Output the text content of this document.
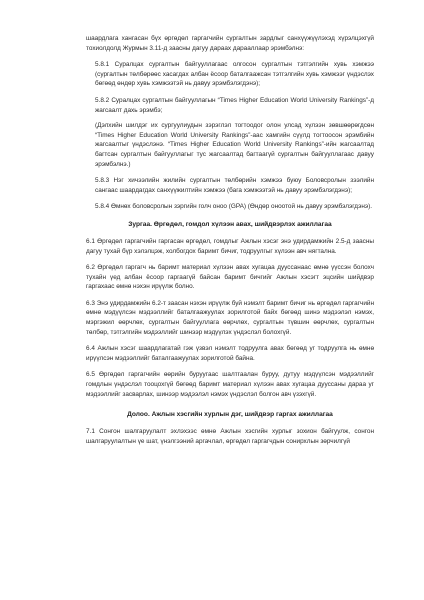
шаардлага хангасан бүх өргөдөл гаргагчийн сургалтын зардлыг санхүүжүүлэхэд хүрэлцэхгүй тохиолдолд Журмын 3.11-д заасны дагуу дараах дарааллаар эрэмбэлнэ:

5.8.1 Суралцах сургалтын байгууллагаас олгосон сургалтын тэтгэлгийн хувь хэмжээ (сургалтын төлбөрөөс хасагдах албан ёсоор баталгаажсан тэтгэлгийн хувь хэмжээг үндэслэх бөгөөд өндөр хувь хэмжээтэй нь давуу эрэмбэлэгдэнэ);

5.8.2 Суралцах сургалтын байгууллагын “Times Higher Education World University Rankings”-д жагсаалт дахь эрэмбэ;

(Дэлхийн шилдэг их сургуулиудын зэрэглэл тогтоодог олон улсад хүлээн зөвшөөрөгдсөн “Times Higher Education World University Rankings”-аас хамгийн сүүлд тогтоосон эрэмбийн жагсаалтыг үндэслэнэ. “Times Higher Education World University Rankings”-ийн жагсаалтад багтсан сургалтын байгууллагыг тус жагсаалтад багтаагүй сургалтын байгууллагаас давуу эрэмбэлнэ.)

5.8.3 Нэг хичээлийн жилийн сургалтын төлбөрийн хэмжээ буюу Боловсролын зээлийн сангаас шаардагдах санхүүжилтийн хэмжээ (бага хэмжээтэй нь давуу эрэмбэлэгдэнэ);

5.8.4 Өмнөх боловсролын зэргийн голч оноо (GPA) (Өндөр оноотой нь давуу эрэмбэлэгдэнэ).

Зургаа. Өргөдөл, гомдол хүлээн авах, шийдвэрлэх ажиллагаа

6.1 Өргөдөл гаргагчийн гаргасан өргөдөл, гомдлыг Ажлын хэсэг энэ удирдамжийн 2.5-д заасны дагуу тухай бүр хэлэлцэж, холбогдох баримт бичиг, тодруулгыг хүлээн авч нягтална.

6.2 Өргөдөл гаргагч нь баримт материал хүлээн авах хугацаа дууссанаас өмнө үүссэн болохч тухайн үед албан ёсоор гаргаагүй байсан баримт бичгийг Ажлын хэсэгт эцсийн шийдвэр гаргахаас өмнө нэхэн ирүүлж болно.

6.3 Энэ удирдамжийн 6.2-т заасан нэхэн ирүүлж буй нэмэлт баримт бичиг нь өргөдөл гаргагчийн өмнө мэдүүлсэн мэдээллийг баталгаажуулах зорилготой байх бөгөөд шинэ мэдээлэл нэмэх, мэргэжил өөрчлөх, сургалтын байгууллага өөрчлөх, сургалтын түвшин өөрчлөх, сургалтын төлбөр, тэтгэлгийн мэдээллийг шинээр мэдүүлэх үндэслэл болохгүй.

6.4 Ажлын хэсэг шаардлагатай гэж үзвэл нэмэлт тодруулга авах бөгөөд уг тодруулга нь өмнө ирүүлсэн мэдээллийг баталгаажуулах зорилготой байна.

6.5 Өргөдөл гаргагчийн өөрийн буруугаас шалтгаалан буруу, дутуу мэдүүлсэн мэдээллийг гомдлын үндэслэл тооцохгүй бөгөөд баримт материал хүлээн авах хугацаа дууссаны дараа уг мэдээллийг засварлах, шинээр мэдээлэл нэмэх үндэслэл болгон авч үзэхгүй.

Долоо. Ажлын хэсгийн хурлын дэг, шийдвэр гаргах ажиллагаа

7.1 Сонгон шалгаруулалт эхлэхээс өмнө Ажлын хэсгийн хурлыг зохион байгуулж, сонгон шалгаруулалтын үе шат, үнэлгээний аргачлал, өргөдөл гаргагчдын сонирхлын зөрчилгүй
